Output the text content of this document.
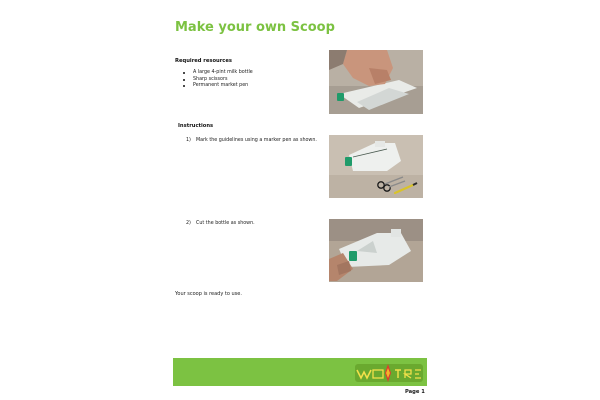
Make your own Scoop
Required resources
A large 4-pint milk bottle
Sharp scissors
Permanent market pen
Instructions
1) Mark the guidelines using a marker pen as shown.
2) Cut the bottle as shown.
Your scoop is ready to use.
Page 1
